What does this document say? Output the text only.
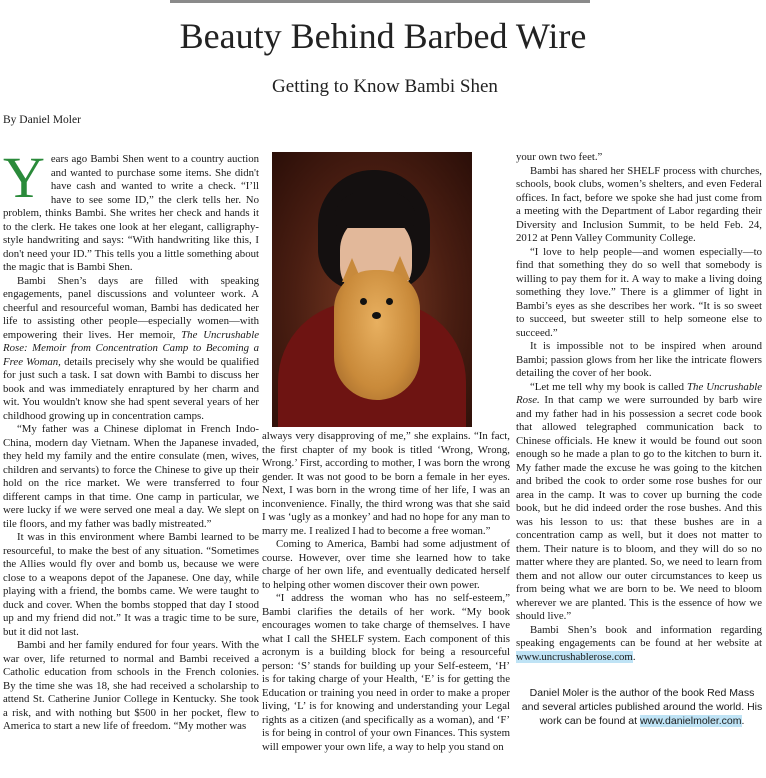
Beauty Behind Barbed Wire
Getting to Know Bambi Shen
By Daniel Moler

Years ago Bambi Shen went to a country auction and wanted to purchase some items. She didn't have cash and wanted to write a check. “I’ll have to see some ID,” the clerk tells her. No problem, thinks Bambi. She writes her check and hands it to the clerk. He takes one look at her elegant, calligraphy-style handwriting and says: “With handwriting like this, I don't need your ID.” This tells you a little something about the magic that is Bambi Shen.

Bambi Shen’s days are filled with speaking engagements, panel discussions and volunteer work. A cheerful and resourceful woman, Bambi has dedicated her life to assisting other people—especially women—with empowering their lives. Her memoir, The Uncrushable Rose: Memoir from Concentration Camp to Becoming a Free Woman, details precisely why she would be qualified for just such a task. I sat down with Bambi to discuss her book and was immediately enraptured by her charm and wit. You wouldn't know she had spent several years of her childhood growing up in concentration camps.

“My father was a Chinese diplomat in French Indo-China, modern day Vietnam. When the Japanese invaded, they held my family and the entire consulate (men, wives, children and servants) to force the Chinese to give up their hold on the rice market. We were transferred to four different camps in that time. One camp in particular, we were lucky if we were served one meal a day. We slept on tile floors, and my father was badly mistreated.”

It was in this environment where Bambi learned to be resourceful, to make the best of any situation. “Sometimes the Allies would fly over and bomb us, because we were close to a weapons depot of the Japanese. One day, while playing with a friend, the bombs came. We were taught to duck and cover. When the bombs stopped that day I stood up and my friend did not.” It was a tragic time to be sure, but it did not last.

Bambi and her family endured for four years. With the war over, life returned to normal and Bambi received a Catholic education from schools in the French colonies. By the time she was 18, she had received a scholarship to attend St. Catherine Junior College in Kentucky. She took a risk, and with nothing but $500 in her pocket, flew to America to start a new life of freedom. “My mother was

always very disapproving of me,” she explains. “In fact, the first chapter of my book is titled ‘Wrong, Wrong, Wrong.’ First, according to mother, I was born the wrong gender. It was not good to be born a female in her eyes. Next, I was born in the wrong time of her life, I was an inconvenience. Finally, the third wrong was that she said I was ‘ugly as a monkey’ and had no hope for any man to marry me. I realized I had to become a free woman.”

Coming to America, Bambi had some adjustment of course. However, over time she learned how to take charge of her own life, and eventually dedicated herself to helping other women discover their own power.

“I address the woman who has no self-esteem,” Bambi clarifies the details of her work. “My book encourages women to take charge of themselves. I have what I call the SHELF system. Each component of this acronym is a building block for being a resourceful person: ‘S’ stands for building up your Self-esteem, ‘H’ is for taking charge of your Health, ‘E’ is for getting the Education or training you need in order to make a proper living, ‘L’ is for knowing and understanding your Legal rights as a citizen (and specifically as a woman), and ‘F’ is for being in control of your own Finances. This system will empower your own life, a way to help you stand on

your own two feet.”

Bambi has shared her SHELF process with churches, schools, book clubs, women’s shelters, and even Federal offices. In fact, before we spoke she had just come from a meeting with the Department of Labor regarding their Diversity and Inclusion Summit, to be held Feb. 24, 2012 at Penn Valley Community College.

“I love to help people—and women especially—to find that something they do so well that somebody is willing to pay them for it. A way to make a living doing something they love.” There is a glimmer of light in Bambi’s eyes as she describes her work. “It is so sweet to succeed, but sweeter still to help someone else to succeed.”

It is impossible not to be inspired when around Bambi; passion glows from her like the intricate flowers detailing the cover of her book.

“Let me tell why my book is called The Uncrushable Rose. In that camp we were surrounded by barb wire and my father had in his possession a secret code book that allowed telegraphed communication back to Chinese officials. He knew it would be found out soon enough so he made a plan to go to the kitchen to burn it. My father made the excuse he was going to the kitchen and bribed the cook to order some rose bushes for our area in the camp. It was to cover up burning the code book, but he did indeed order the rose bushes. And this was his lesson to us: that these bushes are in a concentration camp as well, but it does not matter to them. Their nature is to bloom, and they will do so no matter where they are planted. So, we need to learn from them and not allow our outer circumstances to keep us from being what we are born to be. We need to bloom wherever we are planted. This is the essence of how we should live.”

Bambi Shen’s book and information regarding speaking engagements can be found at her website at www.uncrushablerose.com.

Daniel Moler is the author of the book Red Mass and several articles published around the world. His work can be found at www.danielmoler.com.
